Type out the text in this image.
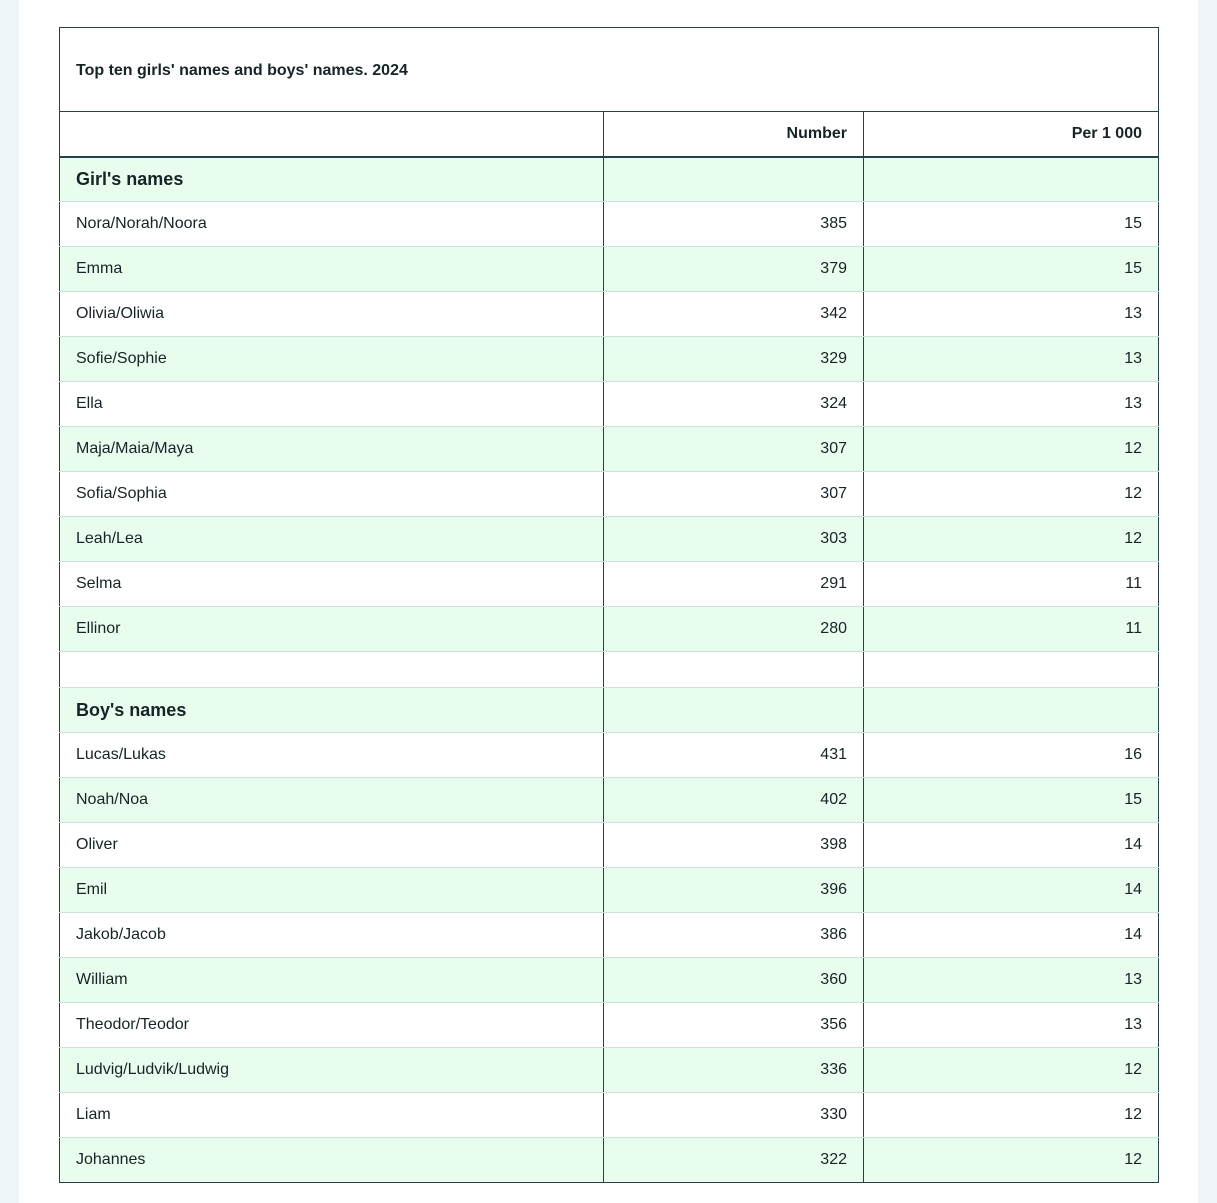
Top ten girls' names and boys' names. 2024
	Number	Per 1 000
Girl's names		
Nora/Norah/Noora	385	15
Emma	379	15
Olivia/Oliwia	342	13
Sofie/Sophie	329	13
Ella	324	13
Maja/Maia/Maya	307	12
Sofia/Sophia	307	12
Leah/Lea	303	12
Selma	291	11
Ellinor	280	11

Boy's names		
Lucas/Lukas	431	16
Noah/Noa	402	15
Oliver	398	14
Emil	396	14
Jakob/Jacob	386	14
William	360	13
Theodor/Teodor	356	13
Ludvig/Ludvik/Ludwig	336	12
Liam	330	12
Johannes	322	12
